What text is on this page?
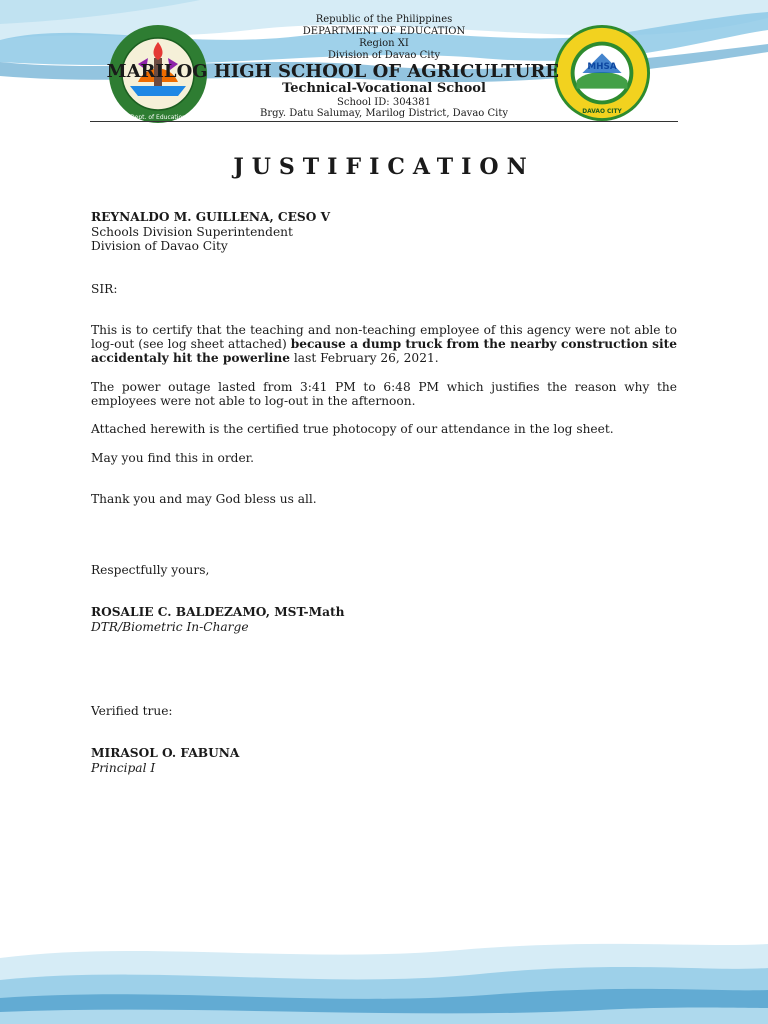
Dept. of Education
MHSA
DAVAO CITY
Republic of the Philippines
DEPARTMENT OF EDUCATION
Region XI
Division of Davao City
MARILOG HIGH SCHOOL OF AGRICULTURE
Technical-Vocational School
School ID: 304381
Brgy. Datu Salumay, Marilog District, Davao City
JUSTIFICATION
REYNALDO M. GUILLENA, CESO V
Schools Division Superintendent
Division of Davao City
SIR:
This is to certify that the teaching and non-teaching employee of this agency were not able to log-out (see log sheet attached) because a dump truck from the nearby construction site accidentaly hit the powerline last February 26, 2021.
The power outage lasted from 3:41 PM to 6:48 PM which justifies the reason why the employees were not able to log-out in the afternoon.
Attached herewith is the certified true photocopy of our attendance in the log sheet.
May you find this in order.
Thank you and may God bless us all.
Respectfully yours,
ROSALIE C. BALDEZAMO, MST-Math
DTR/Biometric In-Charge
Verified true:
MIRASOL O. FABUNA
Principal I
